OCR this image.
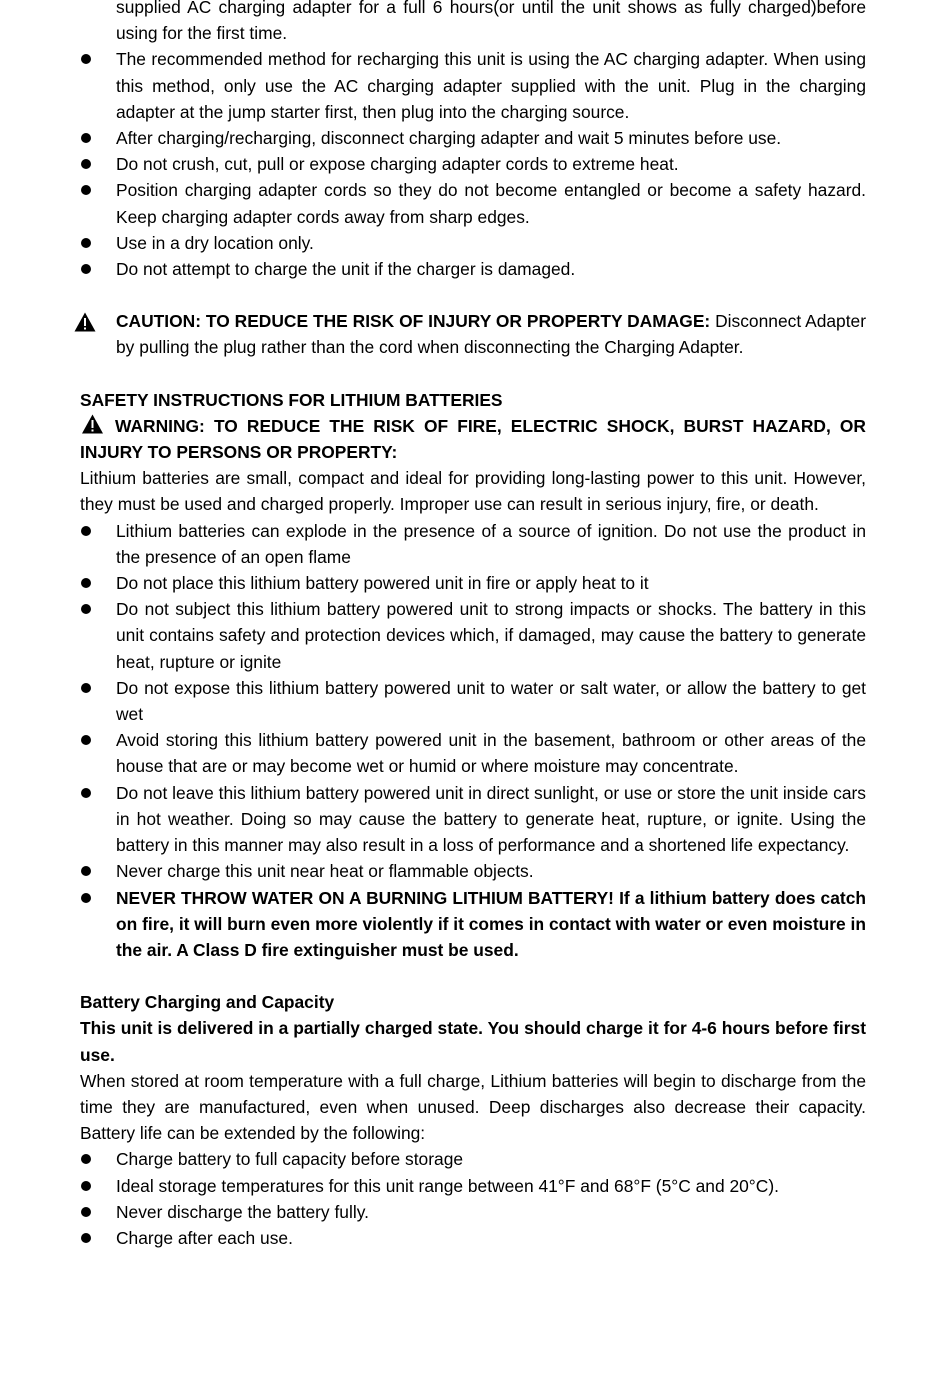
supplied AC charging adapter for a full 6 hours(or until the unit shows as fully charged)before using for the first time.
The recommended method for recharging this unit is using the AC charging adapter. When using this method, only use the AC charging adapter supplied with the unit. Plug in the charging adapter at the jump starter first, then plug into the charging source.
After charging/recharging, disconnect charging adapter and wait 5 minutes before use.
Do not crush, cut, pull or expose charging adapter cords to extreme heat.
Position charging adapter cords so they do not become entangled or become a safety hazard. Keep charging adapter cords away from sharp edges.
Use in a dry location only.
Do not attempt to charge the unit if the charger is damaged.
CAUTION: TO REDUCE THE RISK OF INJURY OR PROPERTY DAMAGE: Disconnect Adapter by pulling the plug rather than the cord when disconnecting the Charging Adapter.
SAFETY INSTRUCTIONS FOR LITHIUM BATTERIES
WARNING: TO REDUCE THE RISK OF FIRE, ELECTRIC SHOCK, BURST HAZARD, OR INJURY TO PERSONS OR PROPERTY:
Lithium batteries are small, compact and ideal for providing long-lasting power to this unit. However, they must be used and charged properly. Improper use can result in serious injury, fire, or death.
Lithium batteries can explode in the presence of a source of ignition. Do not use the product in the presence of an open flame
Do not place this lithium battery powered unit in fire or apply heat to it
Do not subject this lithium battery powered unit to strong impacts or shocks. The battery in this unit contains safety and protection devices which, if damaged, may cause the battery to generate heat, rupture or ignite
Do not expose this lithium battery powered unit to water or salt water, or allow the battery to get wet
Avoid storing this lithium battery powered unit in the basement, bathroom or other areas of the house that are or may become wet or humid or where moisture may concentrate.
Do not leave this lithium battery powered unit in direct sunlight, or use or store the unit inside cars in hot weather. Doing so may cause the battery to generate heat, rupture, or ignite. Using the battery in this manner may also result in a loss of performance and a shortened life expectancy.
Never charge this unit near heat or flammable objects.
NEVER THROW WATER ON A BURNING LITHIUM BATTERY! If a lithium battery does catch on fire, it will burn even more violently if it comes in contact with water or even moisture in the air. A Class D fire extinguisher must be used.
Battery Charging and Capacity
This unit is delivered in a partially charged state. You should charge it for 4-6 hours before first use.
When stored at room temperature with a full charge, Lithium batteries will begin to discharge from the time they are manufactured, even when unused. Deep discharges also decrease their capacity. Battery life can be extended by the following:
Charge battery to full capacity before storage
Ideal storage temperatures for this unit range between 41°F and 68°F (5°C and 20°C).
Never discharge the battery fully.
Charge after each use.
